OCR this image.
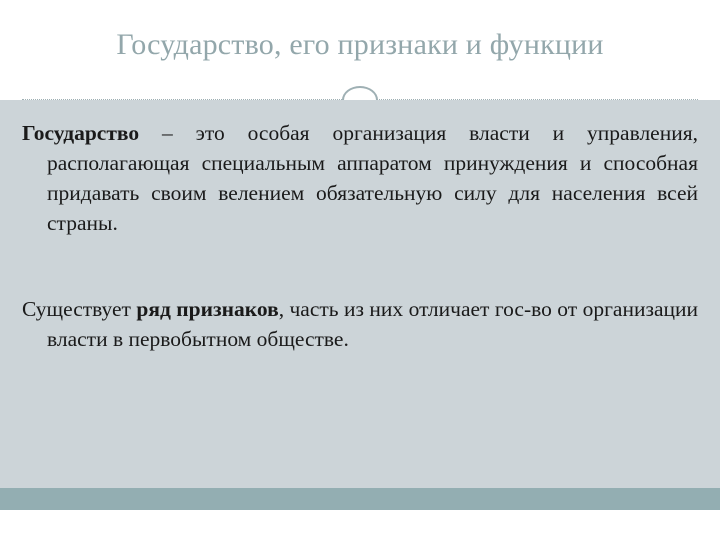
Государство, его признаки и функции

Государство – это особая организация власти и управления, располагающая специальным аппаратом принуждения и способная придавать своим велением обязательную силу для населения всей страны.

Существует ряд признаков, часть из них отличает гос-во от организации власти в первобытном обществе.
